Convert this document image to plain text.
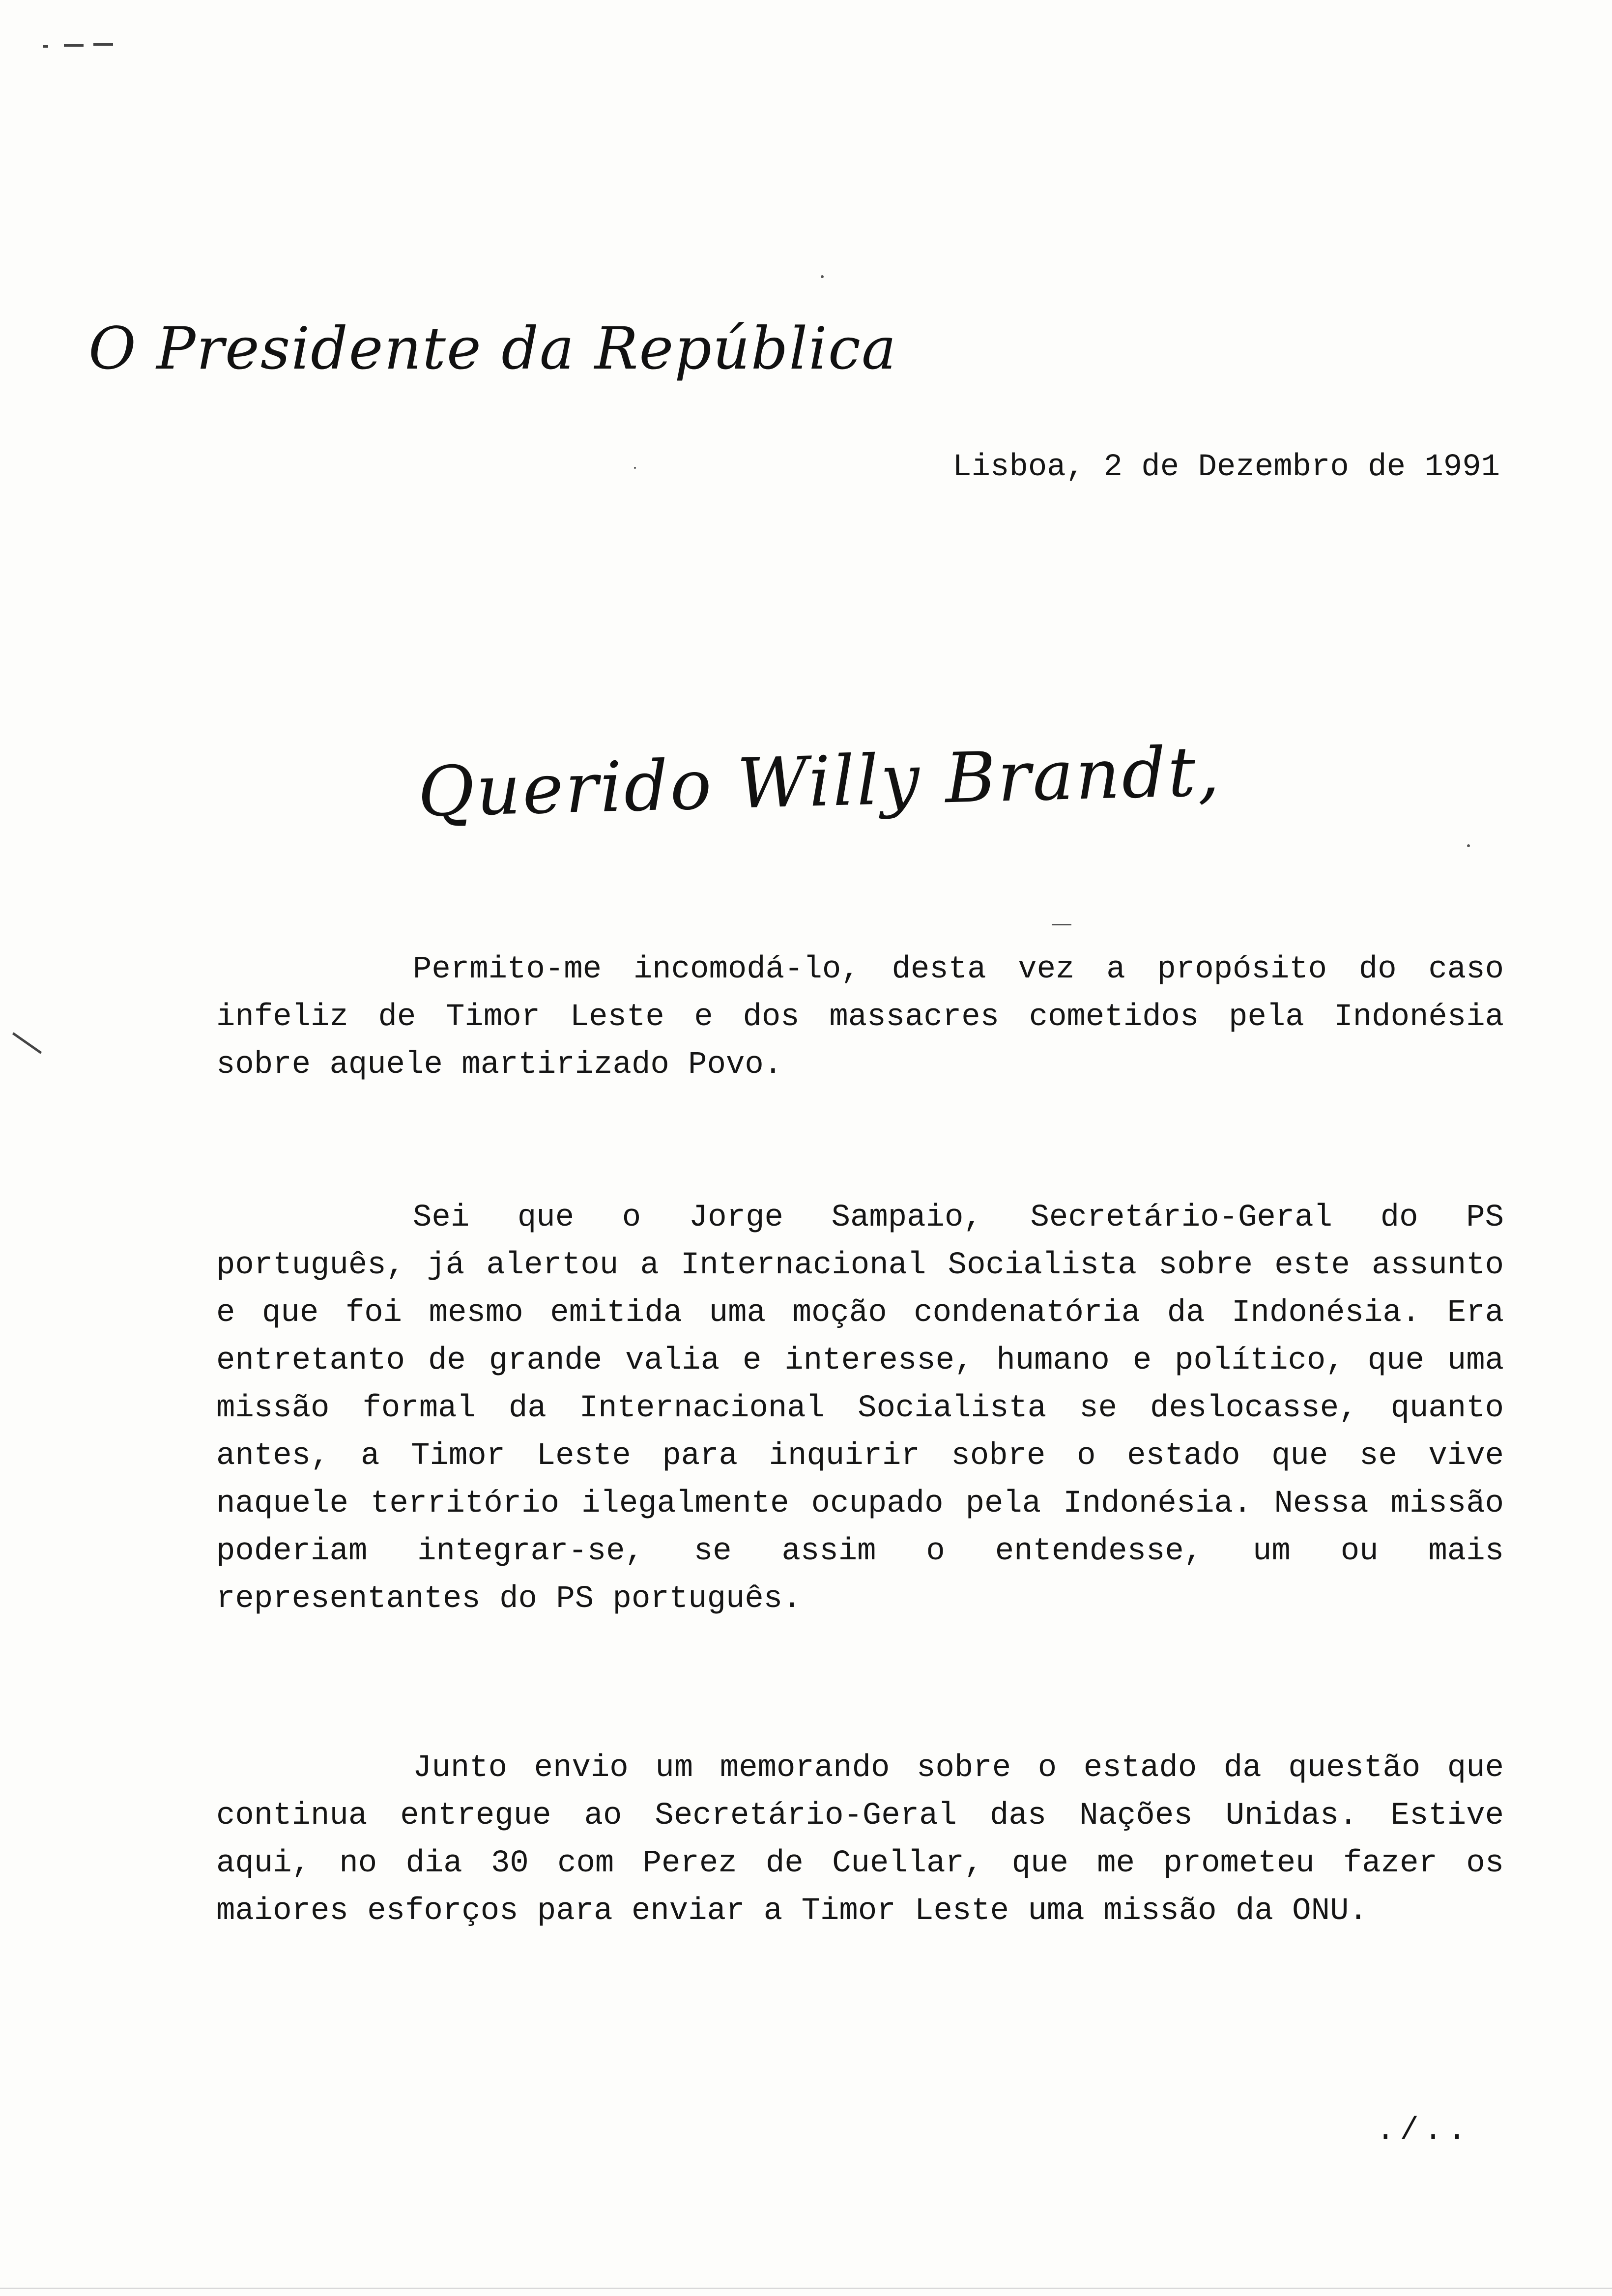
O Presidente da República
Lisboa, 2 de Dezembro de 1991
Querido Willy Brandt,

Permito-me incomodá-lo, desta vez a propósito do caso infeliz de Timor Leste e dos massacres cometidos pela Indonésia sobre aquele martirizado Povo.

Sei que o Jorge Sampaio, Secretário-Geral do PS português, já alertou a Internacional Socialista sobre este assunto e que foi mesmo emitida uma moção condenatória da Indonésia. Era entretanto de grande valia e interesse, humano e político, que uma missão formal da Internacional Socialista se deslocasse, quanto antes, a Timor Leste para inquirir sobre o estado que se vive naquele território ilegalmente ocupado pela Indonésia. Nessa missão poderiam integrar-se, se assim o entendesse, um ou mais representantes do PS português.

Junto envio um memorando sobre o estado da questão que continua entregue ao Secretário-Geral das Nações Unidas. Estive aqui, no dia 30 com Perez de Cuellar, que me prometeu fazer os maiores esforços para enviar a Timor Leste uma missão da ONU.

./..
